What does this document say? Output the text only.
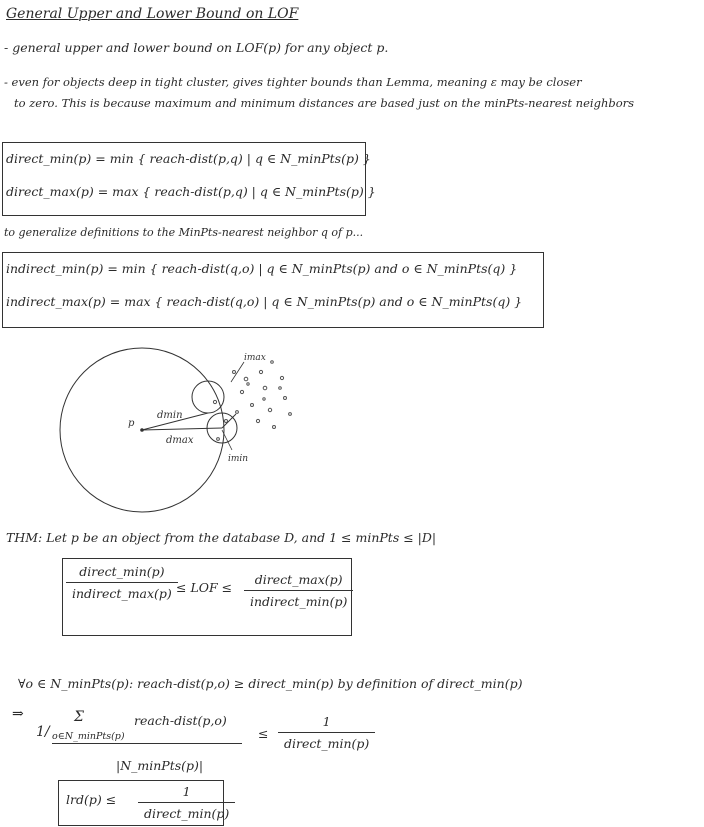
General Upper and Lower Bound on LOF
- general upper and lower bound on LOF(p) for any object p.
- even for objects deep in tight cluster, gives tighter bounds than Lemma, meaning ε may be closer
to zero. This is because maximum and minimum distances are based just on the minPts-nearest neighbors
direct_min(p) = min { reach-dist(p,q) | q ∈ N_minPts(p) }
direct_max(p) = max { reach-dist(p,q) | q ∈ N_minPts(p) }
to generalize definitions to the MinPts-nearest neighbor q of p...
indirect_min(p) = min { reach-dist(q,o) | q ∈ N_minPts(p) and o ∈ N_minPts(q) }
indirect_max(p) = max { reach-dist(q,o) | q ∈ N_minPts(p) and o ∈ N_minPts(q) }
p
dmin
dmax
imax
imin
THM: Let p be an object from the database D, and 1 ≤ minPts ≤ |D|
direct_min(p)
indirect_max(p) ≤ LOF ≤
direct_max(p)
indirect_min(p)
∀o ∈ N_minPts(p): reach-dist(p,o) ≥ direct_min(p) by definition of direct_min(p)
⇒
1/
Σ
o∈N_minPts(p)
reach-dist(p,o)
|N_minPts(p)|
≤
1
direct_min(p)
lrd(p) ≤
1
direct_min(p)
